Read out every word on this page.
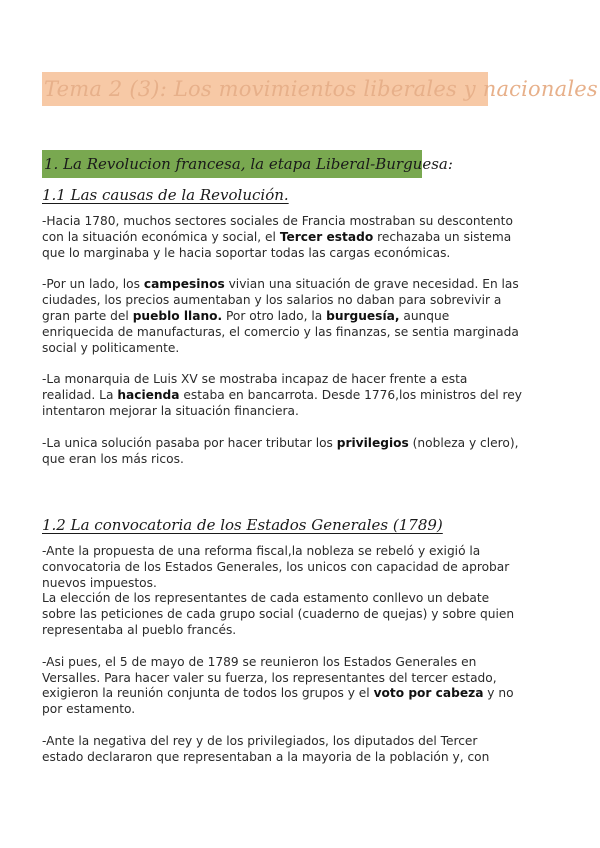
Tema 2 (3): Los movimientos liberales y nacionales
1. La Revolucion francesa, la etapa Liberal-Burguesa:
1.1 Las causas de la Revolución.

-Hacia 1780, muchos sectores sociales de Francia mostraban su descontento con la situación económica y social, el Tercer estado rechazaba un sistema que lo marginaba y le hacia soportar todas las cargas económicas.

-Por un lado, los campesinos vivian una situación de grave necesidad. En las ciudades, los precios aumentaban y los salarios no daban para sobrevivir a gran parte del pueblo llano. Por otro lado, la burguesía, aunque enriquecida de manufacturas, el comercio y las finanzas, se sentia marginada social y politicamente.

-La monarquia de Luis XV se mostraba incapaz de hacer frente a esta realidad. La hacienda estaba en bancarrota. Desde 1776,los ministros del rey intentaron mejorar la situación financiera.

-La unica solución pasaba por hacer tributar los privilegios (nobleza y clero), que eran los más ricos.

1.2 La convocatoria de los Estados Generales (1789)

-Ante la propuesta de una reforma fiscal,la nobleza se rebeló y exigió la convocatoria de los Estados Generales, los unicos con capacidad de aprobar nuevos impuestos.
La elección de los representantes de cada estamento conllevo un debate sobre las peticiones de cada grupo social (cuaderno de quejas) y sobre quien representaba al pueblo francés.

-Asi pues, el 5 de mayo de 1789 se reunieron los Estados Generales en Versalles. Para hacer valer su fuerza, los representantes del tercer estado, exigieron la reunión conjunta de todos los grupos y el voto por cabeza y no por estamento.

-Ante la negativa del rey y de los privilegiados, los diputados del Tercer estado declararon que representaban a la mayoria de la población y, con
